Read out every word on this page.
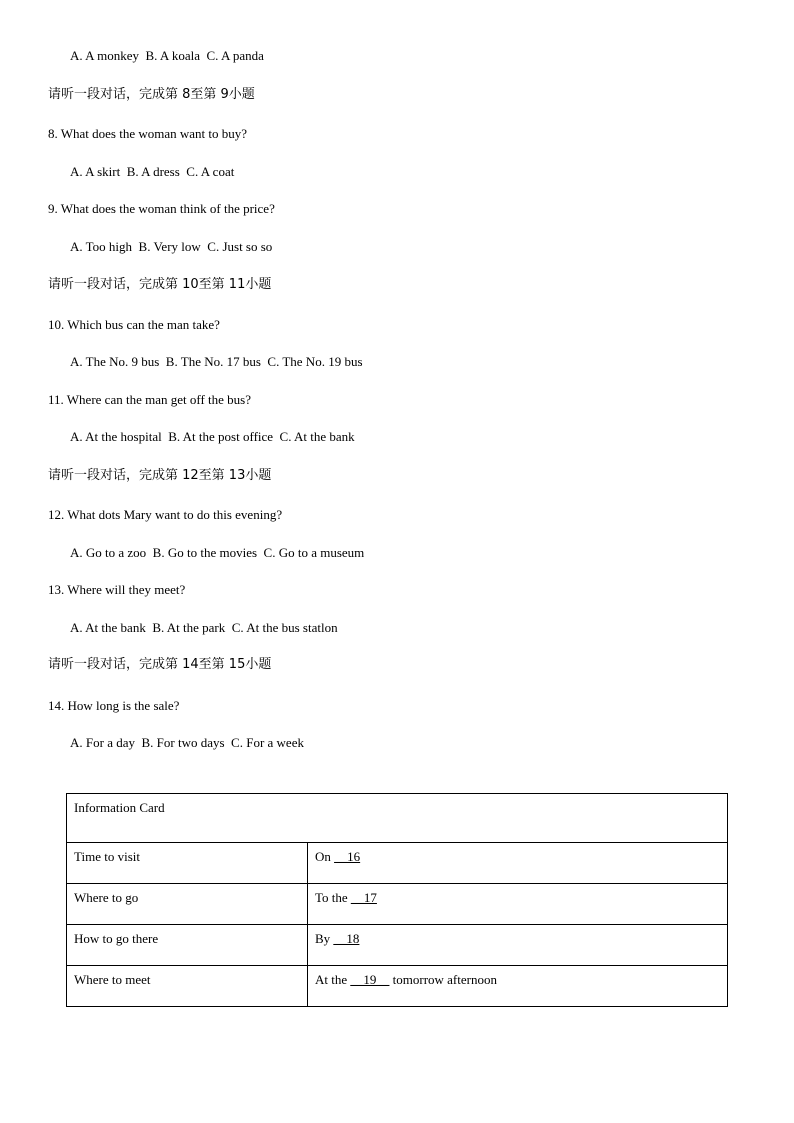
A. A monkey  B. A koala  C. A panda
请听一段对话，完成第 8至第 9小题
8. What does the woman want to buy?
A. A skirt  B. A dress  C. A coat
9. What does the woman think of the price?
A. Too high  B. Very low  C. Just so so
请听一段对话，完成第 10至第 11小题
10. Which bus can the man take?
A. The No. 9 bus  B. The No. 17 bus  C. The No. 19 bus
11. Where can the man get off the bus?
A. At the hospital  B. At the post office  C. At the bank
请听一段对话，完成第 12至第 13小题
12. What dots Mary want to do this evening?
A. Go to a zoo  B. Go to the movies  C. Go to a museum
13. Where will they meet?
A. At the bank  B. At the park  C. At the bus statlon
请听一段对话，完成第 14至第 15小题
14. How long is the sale?
A. For a day  B. For two days  C. For a week
Information Card	
Time to visit	On __16
Where to go	To the __17
How to go there	By __18
Where to meet	At the __19__ tomorrow afternoon
